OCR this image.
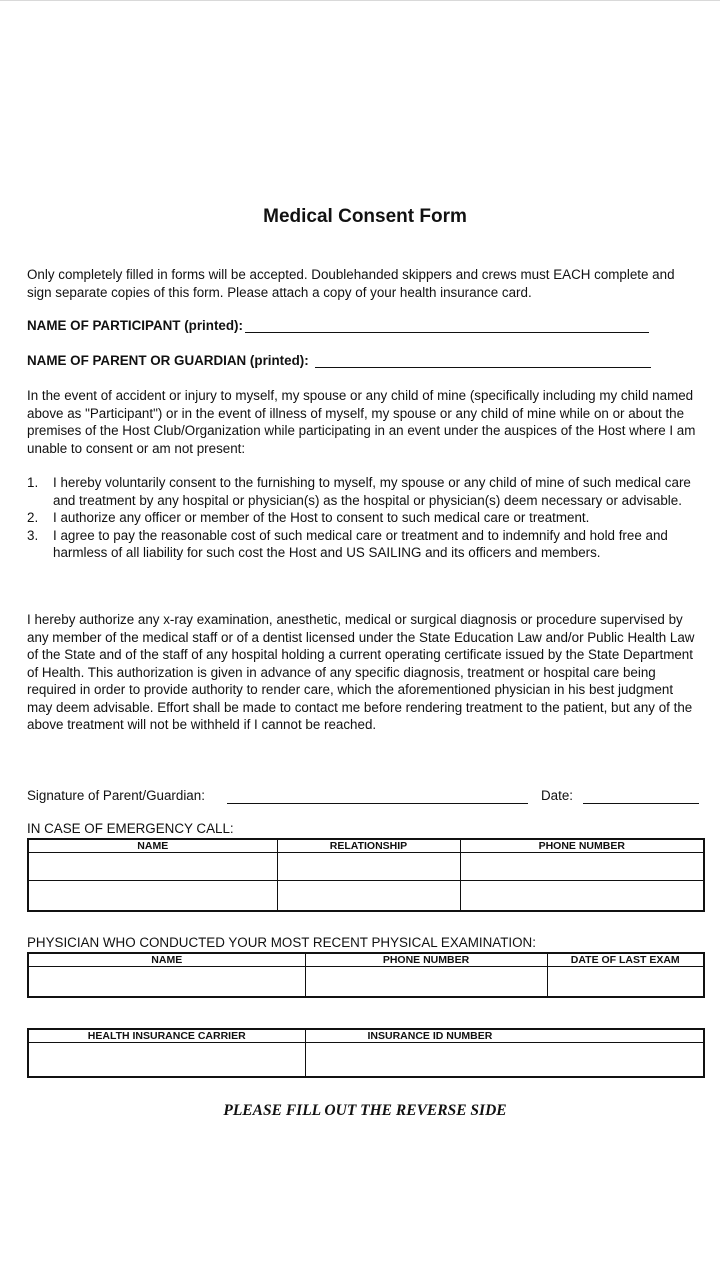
Medical Consent Form
Only completely filled in forms will be accepted. Doublehanded skippers and crews must EACH complete and sign separate copies of this form. Please attach a copy of your health insurance card.
NAME OF PARTICIPANT (printed):
NAME OF PARENT OR GUARDIAN (printed):
In the event of accident or injury to myself, my spouse or any child of mine (specifically including my child named above as "Participant") or in the event of illness of myself, my spouse or any child of mine while on or about the premises of the Host Club/Organization while participating in an event under the auspices of the Host where I am unable to consent or am not present:
1.	I hereby voluntarily consent to the furnishing to myself, my spouse or any child of mine of such medical care and treatment by any hospital or physician(s) as the hospital or physician(s) deem necessary or advisable.
2.	I authorize any officer or member of the Host to consent to such medical care or treatment.
3.	I agree to pay the reasonable cost of such medical care or treatment and to indemnify and hold free and harmless of all liability for such cost the Host and US SAILING and its officers and members.
I hereby authorize any x-ray examination, anesthetic, medical or surgical diagnosis or procedure supervised by any member of the medical staff or of a dentist licensed under the State Education Law and/or Public Health Law of the State and of the staff of any hospital holding a current operating certificate issued by the State Department of Health. This authorization is given in advance of any specific diagnosis, treatment or hospital care being required in order to provide authority to render care, which the aforementioned physician in his best judgment may deem advisable. Effort shall be made to contact me before rendering treatment to the patient, but any of the above treatment will not be withheld if I cannot be reached.
Signature of Parent/Guardian:	Date:
IN CASE OF EMERGENCY CALL:
NAME	RELATIONSHIP	PHONE NUMBER

PHYSICIAN WHO CONDUCTED YOUR MOST RECENT PHYSICAL EXAMINATION:
NAME	PHONE NUMBER	DATE OF LAST EXAM

HEALTH INSURANCE CARRIER	INSURANCE ID NUMBER

PLEASE FILL OUT THE REVERSE SIDE
